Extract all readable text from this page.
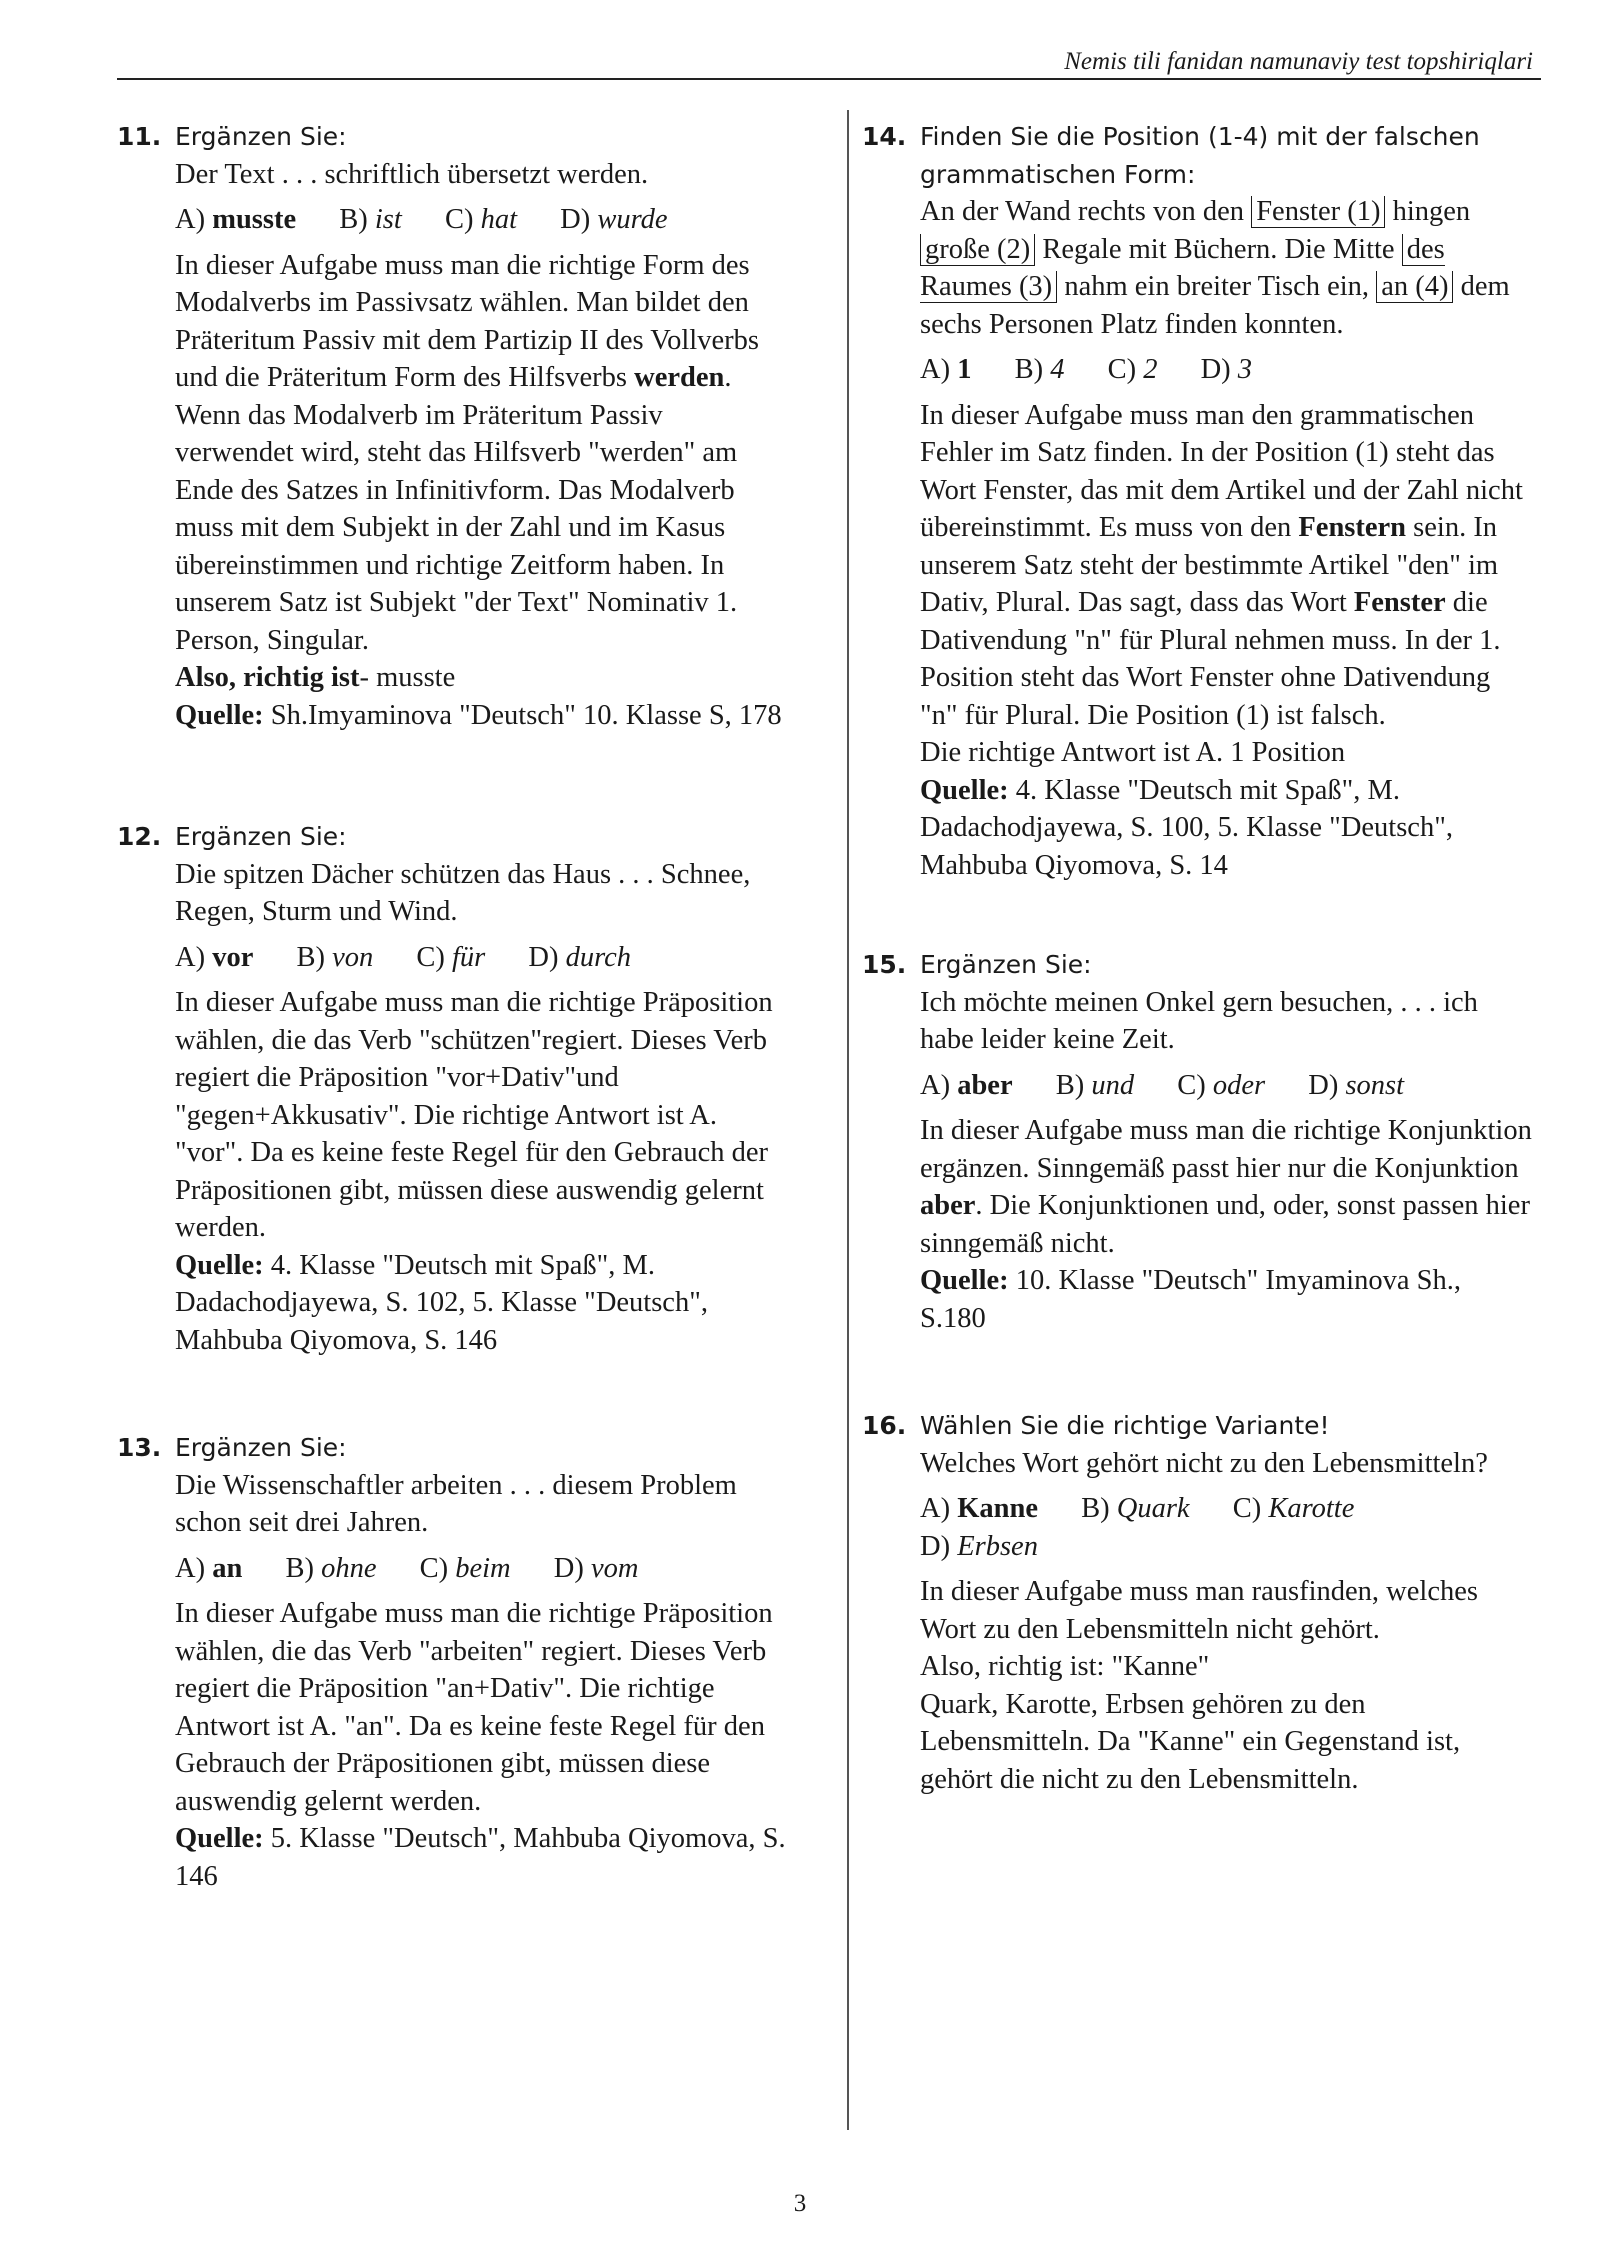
Nemis tili fanidan namunaviy test topshiriqlari
11. Ergänzen Sie:
Der Text . . . schriftlich übersetzt werden.
A) musste B) ist C) hat D) wurde
In dieser Aufgabe muss man die richtige Form des Modalverbs im Passivsatz wählen. Man bildet den Präteritum Passiv mit dem Partizip II des Vollverbs und die Präteritum Form des Hilfsverbs werden. Wenn das Modalverb im Präteritum Passiv verwendet wird, steht das Hilfsverb "werden" am Ende des Satzes in Infinitivform. Das Modalverb muss mit dem Subjekt in der Zahl und im Kasus übereinstimmen und richtige Zeitform haben. In unserem Satz ist Subjekt "der Text" Nominativ 1. Person, Singular.
Also, richtig ist- musste
Quelle: Sh.Imyaminova "Deutsch" 10. Klasse S, 178
12. Ergänzen Sie:
Die spitzen Dächer schützen das Haus . . . Schnee, Regen, Sturm und Wind.
A) vor B) von C) für D) durch
In dieser Aufgabe muss man die richtige Präposition wählen, die das Verb "schützen"regiert. Dieses Verb regiert die Präposition "vor+Dativ"und "gegen+Akkusativ". Die richtige Antwort ist A. "vor". Da es keine feste Regel für den Gebrauch der Präpositionen gibt, müssen diese auswendig gelernt werden.
Quelle: 4. Klasse "Deutsch mit Spaß", M. Dadachodjayewa, S. 102, 5. Klasse "Deutsch", Mahbuba Qiyomova, S. 146
13. Ergänzen Sie:
Die Wissenschaftler arbeiten . . . diesem Problem schon seit drei Jahren.
A) an B) ohne C) beim D) vom
In dieser Aufgabe muss man die richtige Präposition wählen, die das Verb "arbeiten" regiert. Dieses Verb regiert die Präposition "an+Dativ". Die richtige Antwort ist A. "an". Da es keine feste Regel für den Gebrauch der Präpositionen gibt, müssen diese auswendig gelernt werden.
Quelle: 5. Klasse "Deutsch", Mahbuba Qiyomova, S. 146
14. Finden Sie die Position (1-4) mit der falschen grammatischen Form:
An der Wand rechts von den Fenster (1) hingen große (2) Regale mit Büchern. Die Mitte des Raumes (3) nahm ein breiter Tisch ein, an (4) dem sechs Personen Platz finden konnten.
A) 1 B) 4 C) 2 D) 3
In dieser Aufgabe muss man den grammatischen Fehler im Satz finden. In der Position (1) steht das Wort Fenster, das mit dem Artikel und der Zahl nicht übereinstimmt. Es muss von den Fenstern sein. In unserem Satz steht der bestimmte Artikel "den" im Dativ, Plural. Das sagt, dass das Wort Fenster die Dativendung "n" für Plural nehmen muss. In der 1. Position steht das Wort Fenster ohne Dativendung "n" für Plural. Die Position (1) ist falsch.
Die richtige Antwort ist A. 1 Position
Quelle: 4. Klasse "Deutsch mit Spaß", M. Dadachodjayewa, S. 100, 5. Klasse "Deutsch", Mahbuba Qiyomova, S. 14
15. Ergänzen Sie:
Ich möchte meinen Onkel gern besuchen, . . . ich habe leider keine Zeit.
A) aber B) und C) oder D) sonst
In dieser Aufgabe muss man die richtige Konjunktion ergänzen. Sinngemäß passt hier nur die Konjunktion aber. Die Konjunktionen und, oder, sonst passen hier sinngemäß nicht.
Quelle: 10. Klasse "Deutsch" Imyaminova Sh., S.180
16. Wählen Sie die richtige Variante!
Welches Wort gehört nicht zu den Lebensmitteln?
A) Kanne B) Quark C) Karotte D) Erbsen
In dieser Aufgabe muss man rausfinden, welches Wort zu den Lebensmitteln nicht gehört.
Also, richtig ist: "Kanne"
Quark, Karotte, Erbsen gehören zu den Lebensmitteln. Da "Kanne" ein Gegenstand ist, gehört die nicht zu den Lebensmitteln.
3
